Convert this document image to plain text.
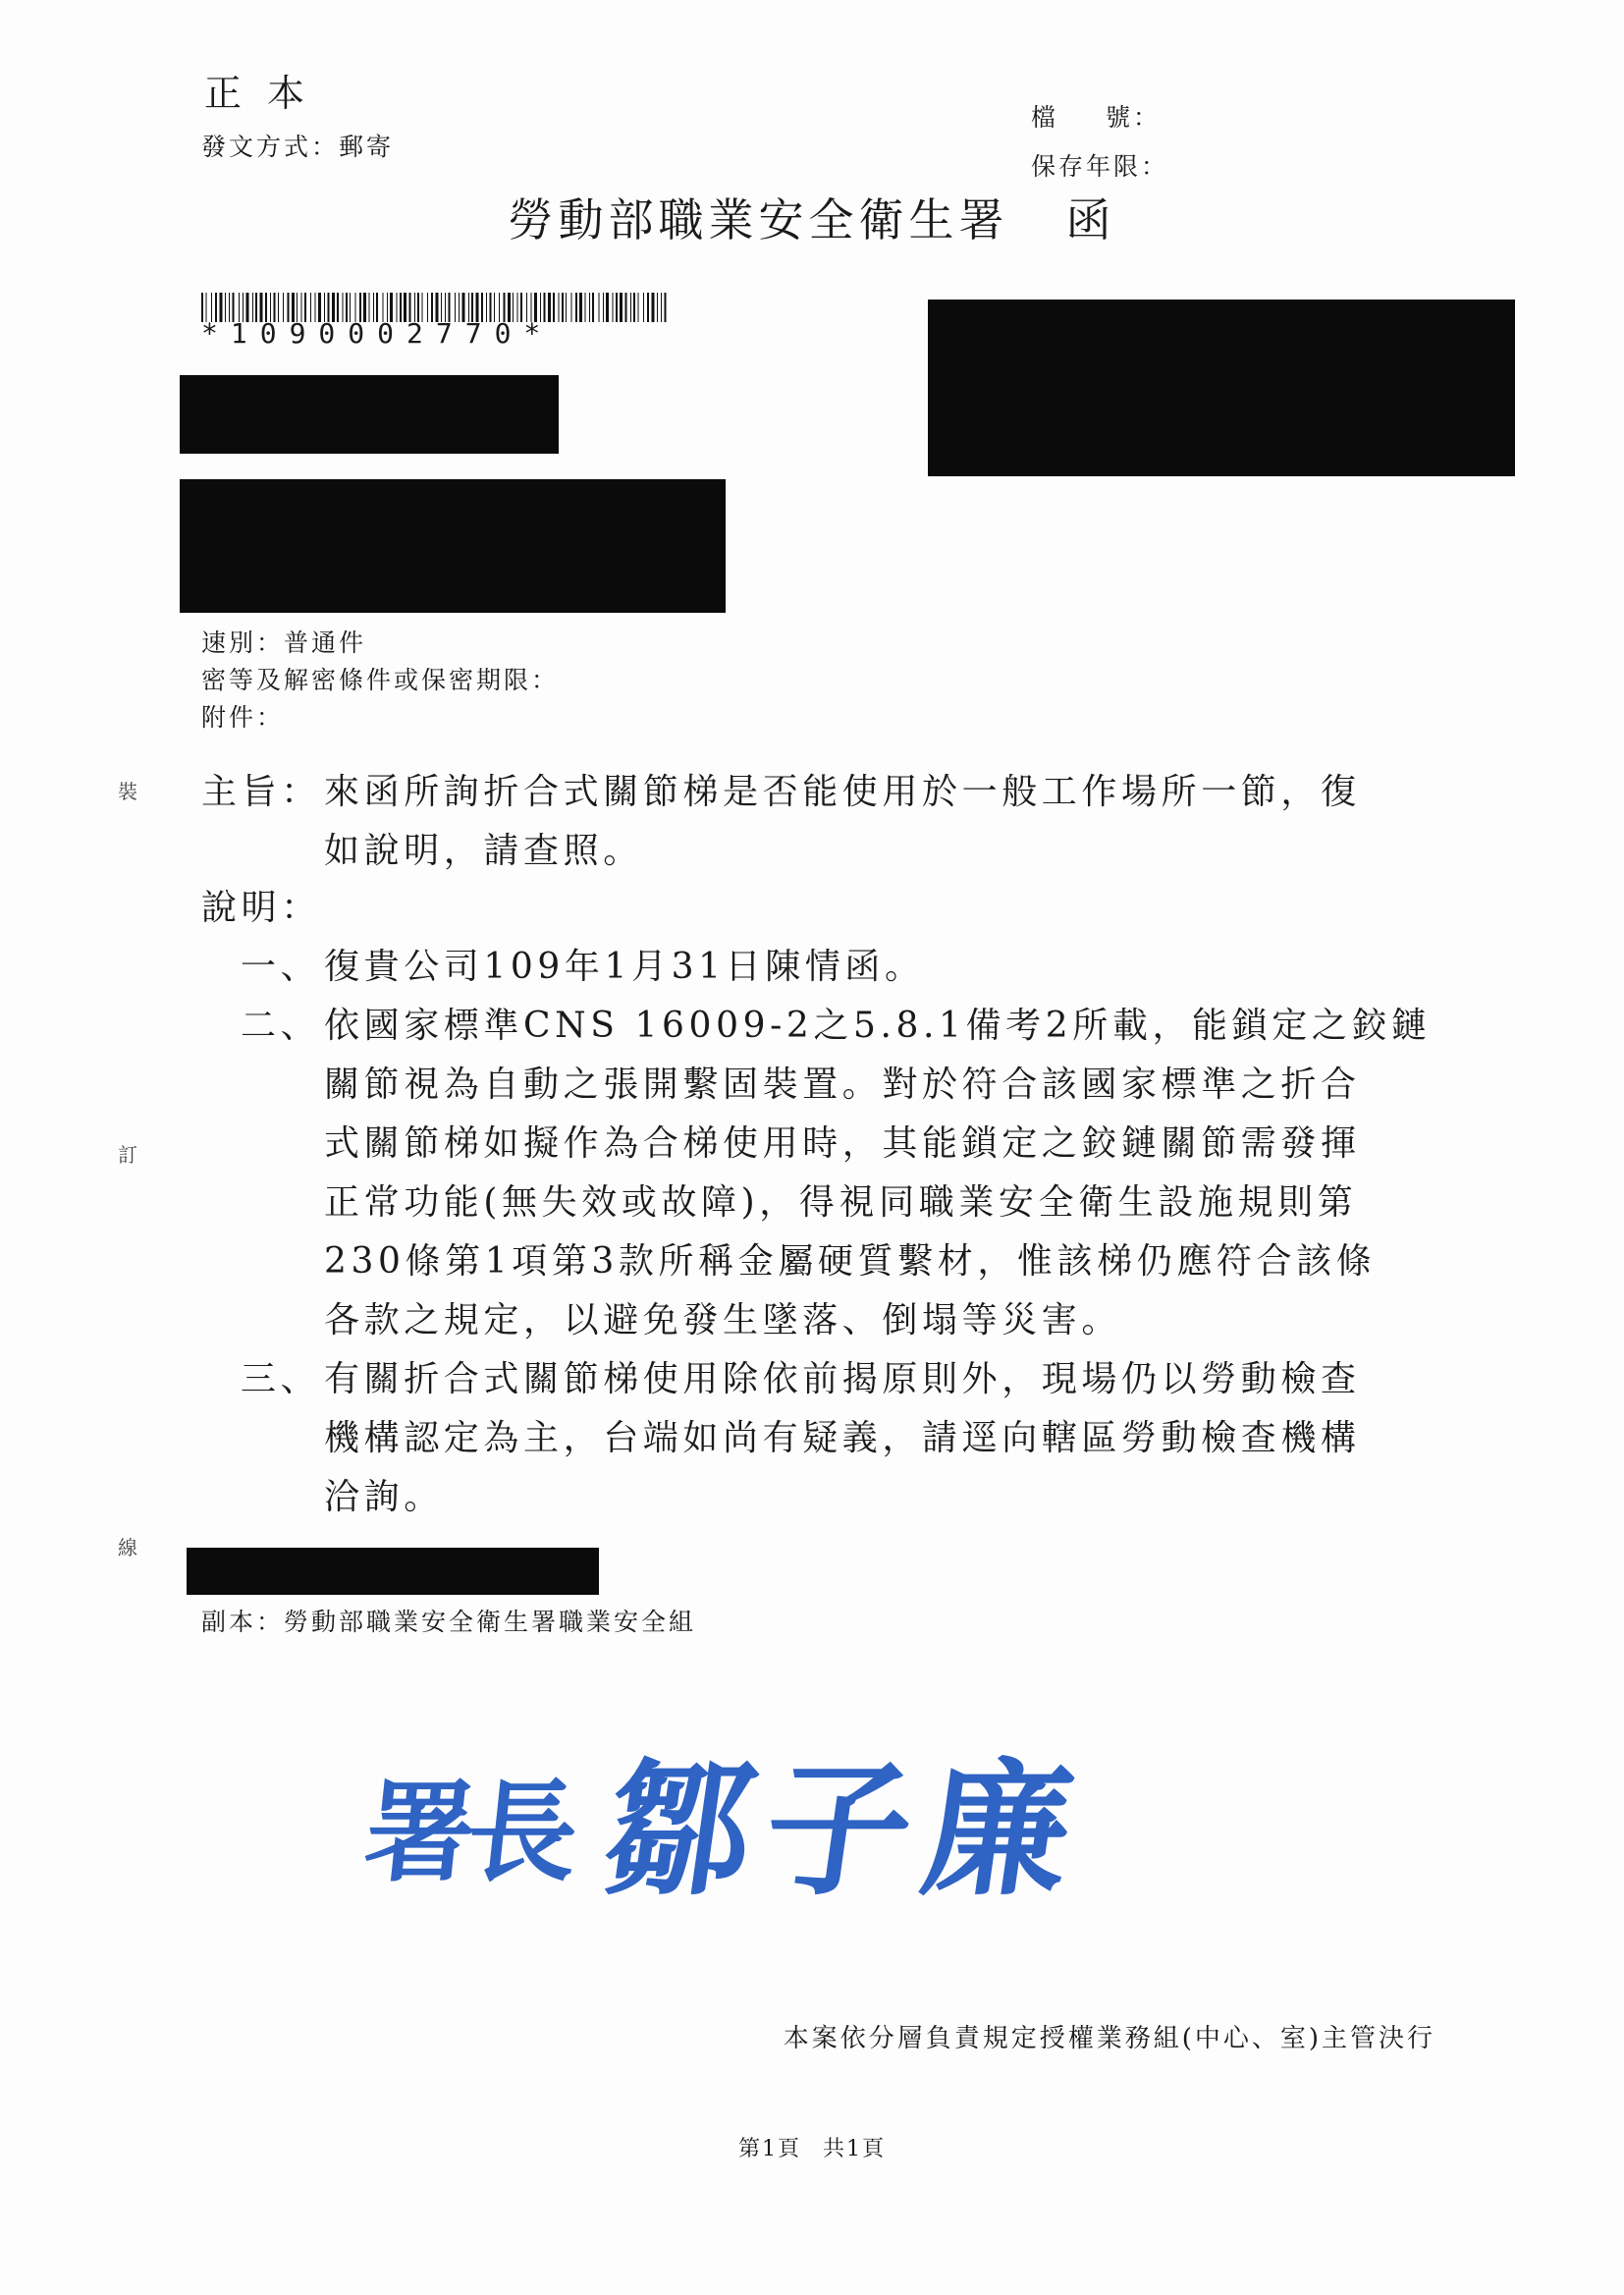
正本
發文方式：郵寄
檔 號：
保存年限：
勞動部職業安全衛生署 函
*1090002770*
速別：普通件
密等及解密條件或保密期限：
附件：
裝
訂
線
主旨： 來函所詢折合式關節梯是否能使用於一般工作場所一節，復
如說明，請查照。
說明：
一、 復貴公司109年1月31日陳情函。
二、 依國家標準CNS 16009-2之5.8.1備考2所載，能鎖定之鉸鏈
關節視為自動之張開繫固裝置。對於符合該國家標準之折合
式關節梯如擬作為合梯使用時，其能鎖定之鉸鏈關節需發揮
正常功能(無失效或故障)，得視同職業安全衛生設施規則第
230條第1項第3款所稱金屬硬質繫材，惟該梯仍應符合該條
各款之規定，以避免發生墜落、倒塌等災害。
三、 有關折合式關節梯使用除依前揭原則外，現場仍以勞動檢查
機構認定為主，台端如尚有疑義，請逕向轄區勞動檢查機構
洽詢。
副本：勞動部職業安全衛生署職業安全組
署長 鄒子廉
本案依分層負責規定授權業務組(中心、室)主管決行
第1頁 共1頁
